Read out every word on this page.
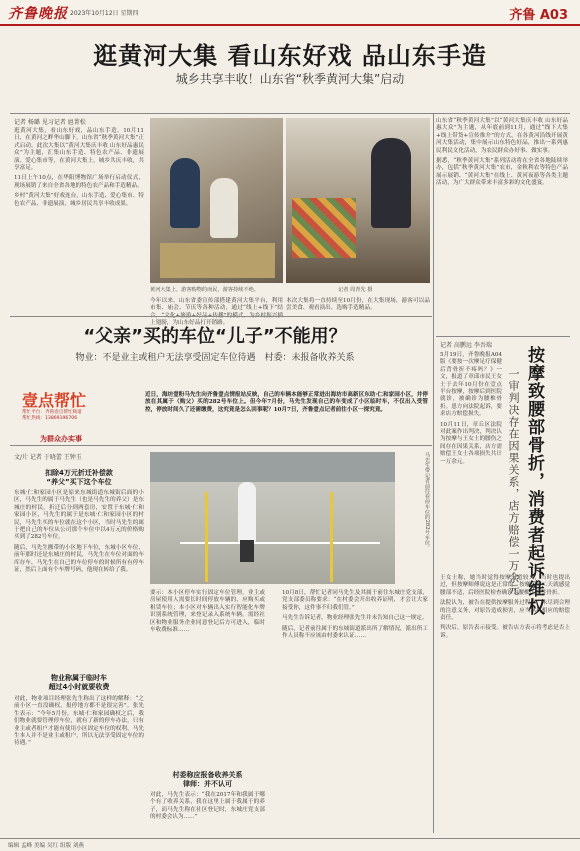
齐鲁晚报 2023年10月12日 星期四	齐鲁 A03
逛黄河大集 看山东好戏 品山东手造
城乡共享丰收！山东省“秋季黄河大集”启动
记者 杨璐 见习记者 扈菁松

逛黄河大集，看山东好戏，品山东手造。10月11日，在黄河之畔华山脚下，山东省“秋季黄河大集”正式启动。此次大集以“黄河大集庆丰收 山东好品惠民众”为主题，汇集山东手造、特色农产品、非遗展演、爱心集市等，在黄河大集上，城乡共庆丰收，共享富足。

11日上午10点，在华阳博物馆广场举行启动仪式，现场展销了来自全省各地的特色农产品和手造精品。

乡村“黄河大集”好戏连台，山东手造、爱心集市、特色农产品、非遗展演，城乡居民共享丰收成果。

黄河大集上，游客购物的而民，游客持续不绝。	记者 周青先 摄
今年以来，山东省委宣传部搭建黄河大集平台，利用市集、庙会、节庆等各种活动，通过“线上+线下”结 上翅膀，为山东好品打开销路。
本次大集将一直持续至10月份，在大集现场，游客可以品尝美食、观看演出、选购手造精品。

山东省“秋季黄河大集”以“黄河大集庆丰收 山东好品惠大众”为主题，从年底前到11月，通过“线下大集+线上带货+宣传推介”的方式，在各黄河沿线开展黄河大集活动，集中展示山东特色好品，推出一系列惠民利民文化活动，为农民群众办好事、做实事。

据悉，“秋季黄河大集”系列活动将在全省各地陆续举办，包括“秋季黄河大集”农市，金秋利农等特色产品展示展销、“黄河大集”在线上、黄河夜游等各类主题活动，为广大群众带来丰富多彩的文化盛宴。

“父亲”买的车位“儿子”不能用？
物业：不是业主或租户无法享受固定车位待遇　村委：未报备收养关系
壹点帮忙
帮忙平台：齐鲁壹点帮忙频道
帮忙热线：13869196706
为群众办实事
近日，海坊壹粉马先生向齐鲁壹点情报站反映，自己的车辆本能够正常进出海坊市高新区东助·仁和家园小区，并停放在其属于（购父）买的282号车位上。但今年7月份，马先生发现自己的车变成了小区临时车，不仅出入受管控，停放时间久了还需缴费，这究竟是怎么回事呢？10月7日，齐鲁壹点记者前往小区一探究竟。
文/片 记者 于晓蕾 王钟玉
扣除4万元折迁补偿款
“养父”买下这个车位

东城·仁和家园小区是原来东城街道东城街后面的小区，马先生的属于马先生（也是马先生的养父）是东城庄的村民，折迁后分到两套房，安置于东城·仁和家园小区，马先生的属于是东城·仁和家园小区的村民，马先生买的车位就在这个小区，当时马先生的属于把自己的车位从公司那个车位中以4万元的价格购买到了282号车位。

随后，马先生搬带的小区地下车位，东城小区车位，前年那时还是东城庄的村民，马先生在车位对面的车库存车，马先生在自己的车位停车的时候所有有停车证，然后上面有个车牌号码，他现在转给了我。

物业称属于临时车
超过4小时就要收费
对此，物业项目经理张先生称出了这样的解释：“之前小区一直没确权，报停地方都不是很完善”。张先生表示：“今年5月份，东城·仁和家园确权之后，我们物业就要管理停车位，就有了新的停车办法，只有业主或者租户才能有使用小区固定车位的权利，马先生本人并不是业主或租户，所以无法享受固定车位的待遇。”
马先生带记者前往看停车位的282号车位。
要示：本小区停车实行固定车位管理，业主或房屋使用人需要长时间停放车辆的，应购买或租赁车位；本小区对车辆出入实行智能化车牌识别系统管理，来登记录入系统车辆，需经社区和物业服务企业同意登记后方可进入，临时车收费标准……
村委称应报备收养关系
律师：并不认可
对此，马先生表示：“我在2017年和我属于哪个有了收养关系，我在这里上属于我属于的养子，而马先生称在社区登记时，东城庄党支部的村委会认为……”

10月8日，帮忙记者同马先生及其属于前往东城庄党支部，党支部委员称要求：“在村委会开出收养证明，才会让大家接受你，这件事不归我们管。”

马先生告诉记者，物业经理张先生并未告知自己这一规定。

随后，记者前往属于的东城街道派出所了解情况，派出所工作人员称不应该由村委来认证……

记者 高鹏远 李吾瑞
按摩致腰部骨折，消费者起诉维权
一审判决存在因果关系，店方赔偿一万余元

5月19日，齐鲁晚报A04版《要按一次摩足疗保健后背骨折不疼吗？》一文，报道了章邱市民王女士于去年10月份在壹点平台按摩，按摩后到医院就诊，被确诊为腰椎骨折。患方向法院起诉，要求店方赔偿损失。

10月11日，章丘区法院对此案作出判决，判决认为按摩与王女士的腰伤之间存在因果关系，店方需赔偿王女士各项损失共计一万余元。

王女士称，她当时觉得按摩力道较大，当时也提出过，但按摩师傅说这是正常的。按摩后第二天就感觉腰部不适，后经医院检查确诊为腰椎压缩性骨折。

法院认为，被告在提供按摩服务过程中，未尽到合理的注意义务，对原告造成损害，应当承担相应的赔偿责任。

判决后，原告表示接受。被告店方表示将考虑是否上诉。

编辑 孟峰 美编 吴红 组版 刘燕
